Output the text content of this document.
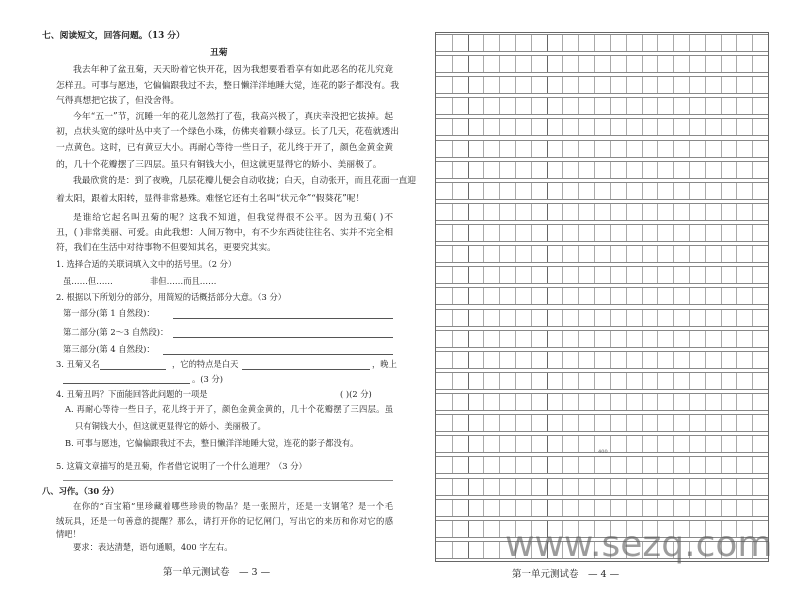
七、阅读短文，回答问题。（13 分）
丑菊
我去年种了盆丑菊，天天盼着它快开花，因为我想要看看享有如此恶名的花儿究竟
怎样丑。可事与愿违，它偏偏跟我过不去，整日懒洋洋地睡大觉，连花的影子都没有。我
气得真想把它拔了，但没舍得。
今年“五一”节，沉睡一年的花儿忽然打了苞，我高兴极了，真庆幸没把它拔掉。起
初，点状头宽的绿叶丛中夹了一个绿色小珠，仿佛夹着颗小绿豆。长了几天，花苞就透出
一点黄色。这时，已有黄豆大小。再耐心等待一些日子，花儿终于开了，颜色金黄金黄
的，几十个花瓣摆了三四层。虽只有铜钱大小，但这就更显得它的娇小、美丽极了。
我最欣赏的是：到了夜晚，几层花瓣儿便会自动收拢；白天，自动张开，而且花面一直迎
着太阳，跟着太阳转，显得非常悬殊。难怪它还有土名叫“状元伞”“假葵花”呢！
是谁给它起名叫丑菊的呢？这我不知道，但我觉得很不公平。因为丑菊( )不
丑，( )非常美丽、可爱。由此我想：人间万物中，有不少东西徒往往名、实并不完全相
符，我们在生活中对待事物不但要知其名，更要究其实。
1. 选择合适的关联词填入文中的括号里。（2 分）
虽……但……	非但……而且……
2. 根据以下所划分的部分，用简短的话概括部分大意。（3 分）
第一部分(第 1 自然段)：
第二部分(第 2～3 自然段)：
第三部分(第 4 自然段)：
3. 丑菊又名	，它的特点是白天	，晚上
。(3 分)
4. 丑菊丑吗？下面能回答此问题的一项是	( )(2 分)
A. 再耐心等待一些日子，花儿终于开了，颜色金黄金黄的，几十个花瓣摆了三四层。虽
只有铜钱大小，但这就更显得它的娇小、美丽极了。
B. 可事与愿违，它偏偏跟我过不去，整日懒洋洋地睡大觉，连花的影子都没有。
5. 这篇文章描写的是丑菊，作者借它说明了一个什么道理？（3 分）
八、习作。（30 分）
在你的“百宝箱”里珍藏着哪些珍贵的物品？是一张照片，还是一支钢笔？是一个毛
绒玩具，还是一句善意的提醒？那么，请打开你的记忆闸门，写出它的来历和你对它的感
情吧！
要求：表达清楚，语句通顺，400 字左右。
第一单元测试卷　— 3 —
400
第一单元测试卷　— 4 —
www.sezq.com
